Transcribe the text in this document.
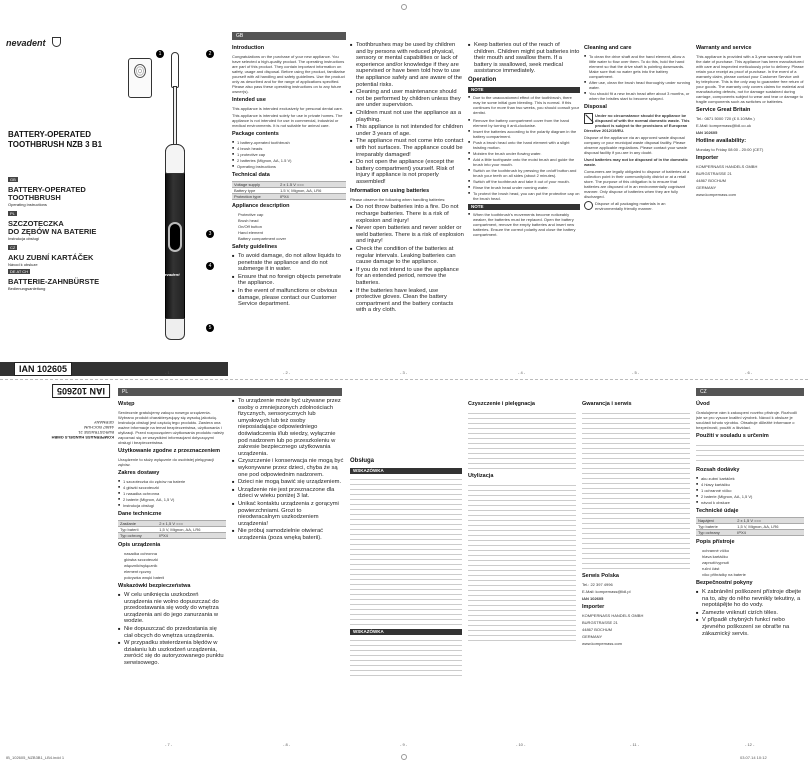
nevadent
BATTERY-OPERATED
TOOTHBRUSH NZB 3 B1
GB
BATTERY-OPERATED
TOOTHBRUSH
Operating instructions
PL
SZCZOTECZKA
DO ZĘBÓW NA BATERIE
Instrukcja obsługi
CZ
AKU ZUBNÍ KARTÁČEK
Návod k obsluze
DE AT CH
BATTERIE-ZAHNBÜRSTE
Bedienungsanleitung
IAN 102605
nevadent
1	2
3
4
5
GB
Introduction

Congratulations on the purchase of your new appliance. You have selected a high-quality product. The operating instructions are part of this product. They contain important information on safety, usage and disposal. Before using the product, familiarise yourself with all handling and safety guidelines. Use the product only as described and for the range of applications specified. Please also pass these operating instructions on to any future owner(s).

Intended use

This appliance is intended exclusively for personal dental care.

This appliance is intended solely for use in private homes. The appliance is not intended for use in commercial, industrial or medical environments. It is not suitable for animal care.

Package contents
■ 1 battery-operated toothbrush
■ 4 brush heads
■ 1 protective cap
■ 2 batteries (Mignon, AA, 1.5 V)
■ Operating instructions
Technical data
Voltage supply	2 x 1.5 V ===
Battery type	1.5 V, Mignon, AA, LR6
Protection type	IPX4
Appliance description
Protective cap
Brush head
On/Off button
Hand element
Battery compartment cover
Safety guidelines
■ To avoid damage, do not allow liquids to penetrate the appliance and do not submerge it in water.
■ Ensure that no foreign objects penetrate the appliance.
■ In the event of malfunctions or obvious damage, please contact our Customer Service department.
■ Toothbrushes may be used by children and by persons with reduced physical, sensory or mental capabilities or lack of experience and/or knowledge if they are supervised or have been told how to use the appliance safely and are aware of the potential risks.
■ Cleaning and user maintenance should not be performed by children unless they are under supervision.
■ Children must not use the appliance as a plaything.
■ This appliance is not intended for children under 3 years of age.
■ The appliance must not come into contact with hot surfaces. The appliance could be irreparably damaged!
■ Do not open the appliance (except the battery compartment) yourself. Risk of injury if appliance is not properly assembled!
Information on using batteries

Please observe the following when handling batteries:

■ Do not throw batteries into a fire. Do not recharge batteries. There is a risk of explosion and injury!
■ Never open batteries and never solder or weld batteries. There is a risk of explosion and injury!
■ Check the condition of the batteries at regular intervals. Leaking batteries can cause damage to the appliance.
■ If you do not intend to use the appliance for an extended period, remove the batteries.
■ If the batteries have leaked, use protective gloves. Clean the battery compartment and the battery contacts with a dry cloth.
■ Keep batteries out of the reach of children. Children might put batteries into their mouth and swallow them. If a battery is swallowed, seek medical assistance immediately.
Operation
NOTE
■ Due to the unaccustomed effect of the toothbrush, there may be some initial gum bleeding. This is normal. If this continues for more than two weeks, you should consult your dentist.
■ Remove the battery compartment cover from the hand element by turning it anti-clockwise.
■ Insert the batteries according to the polarity diagram in the battery compartment.
■ Push a brush head onto the hand element with a slight twisting motion.
■ Moisten the brush under flowing water.
■ Add a little toothpaste onto the moist brush and guide the brush into your mouth.
■ Switch on the toothbrush by pressing the on/off button and brush your teeth on all sides (about 2 minutes).
■ Switch off the toothbrush and take it out of your mouth.
■ Rinse the brush head under running water.
■ To protect the brush head, you can put the protective cap on the brush head.
NOTE
■ When the toothbrush's movements become noticeably weaker, the batteries must be replaced. Open the battery compartment, remove the empty batteries and insert new batteries. Ensure the correct polarity and close the battery compartment.
Cleaning and care
■ To clean the drive shaft and the hand element, allow a little water to flow over them. To do this, hold the hand element so that the drive shaft is pointing downwards. Make sure that no water gets into the battery compartment.
■ After use, clean the brush head thoroughly under running water.
■ You should fit a new brush head after about 3 months, or when the bristles start to become splayed.
Disposal

Under no circumstance should the appliance be disposed of with the normal domestic waste. This product is subject to the provisions of European Directive 2012/19/EU.

Dispose of the appliance via an approved waste disposal company or your municipal waste disposal facility. Please observe applicable regulations. Please contact your waste disposal facility if you are in any doubt.

Used batteries may not be disposed of in the domestic waste.

Consumers are legally obligated to dispose of batteries at a collection point in their community/city district or at a retail store. The purpose of this obligation is to ensure that batteries are disposed of in an environmentally cognisant manner. Only dispose of batteries when they are fully discharged.

Dispose of all packaging materials in an environmentally friendly manner.

Warranty and service

This appliance is provided with a 3-year warranty valid from the date of purchase. This appliance has been manufactured with care and inspected meticulously prior to delivery. Please retain your receipt as proof of purchase. In the event of a warranty claim, please contact your Customer Service unit by telephone. This is the only way to guarantee free return of your goods. The warranty only covers claims for material and manufacturing defects, not for damage sustained during carriage, components subject to wear and tear or damage to fragile components such as switches or batteries.

Service Great Britain

Tel.: 0871 5000 720 (£ 0.10/Min.)

E-Mail: kompernass@lidl.co.uk

IAN 102605

Hotline availability:

Monday to Friday 08:00 - 20:00 (CET)

Importer

KOMPERNASS HANDELS GMBH

BURGSTRASSE 21

44867 BOCHUM

GERMANY

www.kompernass.com

- 1 -	- 2 -	- 3 -	- 4 -	- 5 -	- 6 -
IAN 102605

KOMPERNASS HANDELS GMBH

BURGSTRASSE 21

44867 BOCHUM

GERMANY

PL
Wstęp

Serdecznie gratulujemy zakupu nowego urządzenia. Wybrano produkt charakteryzujący się wysoką jakością. Instrukcja obsługi jest częścią tego produktu. Zawiera ona ważne informacje na temat bezpieczeństwa, użytkowania i utylizacji. Przed rozpoczęciem użytkowania produktu należy zapoznać się ze wszystkimi informacjami dotyczącymi obsługi i bezpieczeństwa.

Użytkowanie zgodne z przeznaczeniem

Urządzenie to służy wyłącznie do osobistej pielęgnacji zębów.

Zakres dostawy
■ 1 szczoteczka do zębów na baterie
■ 4 główki szczoteczki
■ 1 nasadka ochronna
■ 2 baterie (Mignon, AA, 1,5 V)
■ Instrukcja obsługi
Dane techniczne
Zasilanie	2 x 1,5 V ===
Typ baterii	1,5 V, Mignon, AA, LR6
Typ ochrony	IPX4
Opis urządzenia
nasadka ochronna
główka szczoteczki
włącznik/wyłącznik
element ręczny
pokrywka wnęki baterii
Wskazówki bezpieczeństwa
■ W celu uniknięcia uszkodzeń urządzenia nie wolno dopuszczać do przedostawania się wody do wnętrza urządzenia ani do jego zanurzania w wodzie.
■ Nie dopuszczać do przedostania się ciał obcych do wnętrza urządzenia.
■ W przypadku stwierdzenia błędów w działaniu lub uszkodzeń urządzenia, zwrócić się do autoryzowanego punktu serwisowego.
■ To urządzenie może być używane przez osoby o zmniejszonych zdolnościach fizycznych, sensorycznych lub umysłowych lub też osoby nieposiadające odpowiedniego doświadczenia i/lub wiedzy, wyłącznie pod nadzorem lub po przeszkoleniu w zakresie bezpiecznego użytkowania urządzenia.
■ Czyszczenie i konserwacja nie mogą być wykonywane przez dzieci, chyba że są one pod odpowiednim nadzorem.
■ Dzieci nie mogą bawić się urządzeniem.
■ Urządzenie nie jest przeznaczone dla dzieci w wieku poniżej 3 lat.
■ Unikać kontaktu urządzenia z gorącymi powierzchniami. Grozi to nieodwracalnym uszkodzeniem urządzenia!
■ Nie próbuj samodzielnie otwierać urządzenia (poza wnęką baterii).
Obsługa
WSKAZÓWKA
WSKAZÓWKA
Czyszczenie i pielęgnacja
Utylizacja
Gwarancja i serwis
Serwis Polska

Tel.: 22 397 4996

E-Mail: kompernass@lidl.pl

IAN 102605

Importer

KOMPERNASS HANDELS GMBH

BURGSTRASSE 21

44867 BOCHUM

GERMANY

www.kompernass.com

CZ
Úvod

Gratulujeme vám k zakoupení nového přístroje. Rozhodli jste se pro vysoce kvalitní výrobek. Návod k obsluze je součástí tohoto výrobku. Obsahuje důležité informace o bezpečnosti, použití a likvidaci.

Použití v souladu s určením
Rozsah dodávky
■ aku zubní kartáček
■ 4 hlavy kartáčku
■ 1 ochranné víčko
■ 2 baterie (Mignon, AA, 1,5 V)
■ návod k obsluze
Technické údaje
Napájení	2 x 1,5 V ===
Typ baterie	1,5 V, Mignon, AA, LR6
Typ ochrany	IPX4
Popis přístroje
ochranné víčko
hlava kartáčku
zapnutí/vypnutí
ruční část
víko přihrádky na baterie
Bezpečnostní pokyny
■ K zabránění poškození přístroje dbejte na to, aby do něho nevnikly tekutiny, a nepotápějte ho do vody.
■ Zamezte vniknutí cizích těles.
■ V případě chybných funkcí nebo zjevného poškození se obraťte na zákaznický servis.
- 7 -	- 8 -	- 9 -	- 10 -	- 11 -	- 12 -
IB_102605_NZB3B1_LB4.indd 1	03.07.14 10:12
